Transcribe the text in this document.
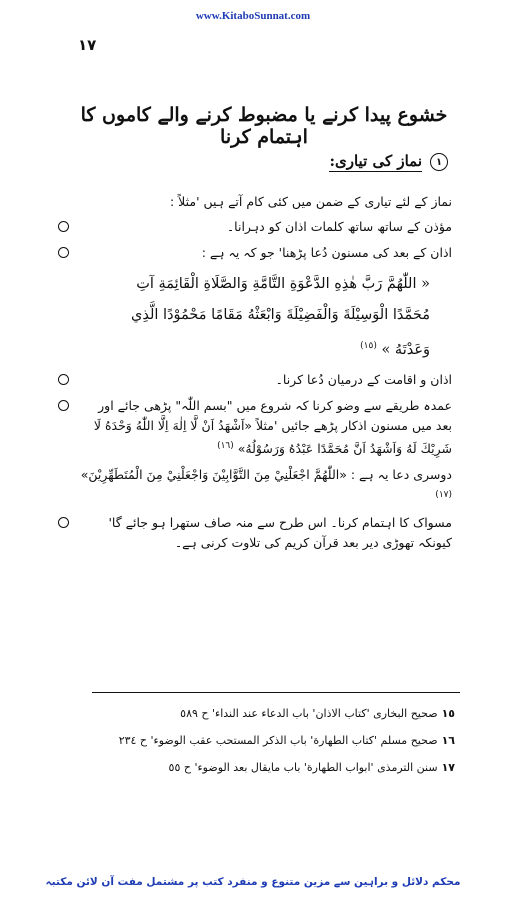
www.KitaboSunnat.com
١٧
خشوع پیدا کرنے یا مضبوط کرنے والے کاموں کا اہتمام کرنا
١
نماز کی تیاری:

نماز کے لئے تیاری کے ضمن میں کئی کام آتے ہیں 'مثلاً :

مؤذن کے ساتھ ساتھ کلمات اذان کو دہرانا۔
اذان کے بعد کی مسنون دُعا پڑھنا' جو کہ یہ ہے :
« اللّٰهُمَّ رَبَّ هٰذِهِ الدَّعْوَةِ التَّامَّةِ وَالصَّلَاةِ الْقَائِمَةِ آتِ
مُحَمَّدًا الْوَسِيْلَةَ وَالْفَضِيْلَةَ وَابْعَثْهُ مَقَامًا مَحْمُوْدًا الَّذِي
وَعَدْتَهُ » $^{(١٥)}$
اذان و اقامت کے درمیان دُعا کرنا۔
عمدہ طریقے سے وضو کرنا کہ شروع میں "بسم اللّٰہ" پڑھی جائے اور بعد میں مسنون اذکار پڑھے جائیں 'مثلاً «اَشْهَدُ اَنْ لَّا اِلٰهَ اِلَّا اللّٰهُ وَحْدَهُ لَا شَرِيْكَ لَهُ وَاَشْهَدُ اَنَّ مُحَمَّدًا عَبْدُهُ وَرَسُوْلُهُ» $^{(١٦)}$

دوسری دعا یہ ہے : «اللّٰهُمَّ اجْعَلْنِيْ مِنَ التَّوَّابِيْنَ وَاجْعَلْنِيْ مِنَ الْمُتَطَهِّرِيْنَ» $^{(١٧)}$

مسواک کا اہتمام کرنا۔ اس طرح سے منہ صاف ستھرا ہو جائے گا' کیونکہ تھوڑی دیر بعد قرآن کریم کی تلاوت کرنی ہے۔
١٥صحیح البخاری 'کتاب الاذان' باب الدعاء عند النداء' ح ٥٨٩
١٦صحیح مسلم 'کتاب الطهارة' باب الذکر المستحب عقب الوضوء' ح ٢٣٤
١٧سنن الترمذی 'ابواب الطهارة' باب مایقال بعد الوضوء' ح ٥٥
محکم دلائل و براہین سے مزین متنوع و منفرد کتب پر مشتمل مفت آن لائن مکتبہ
